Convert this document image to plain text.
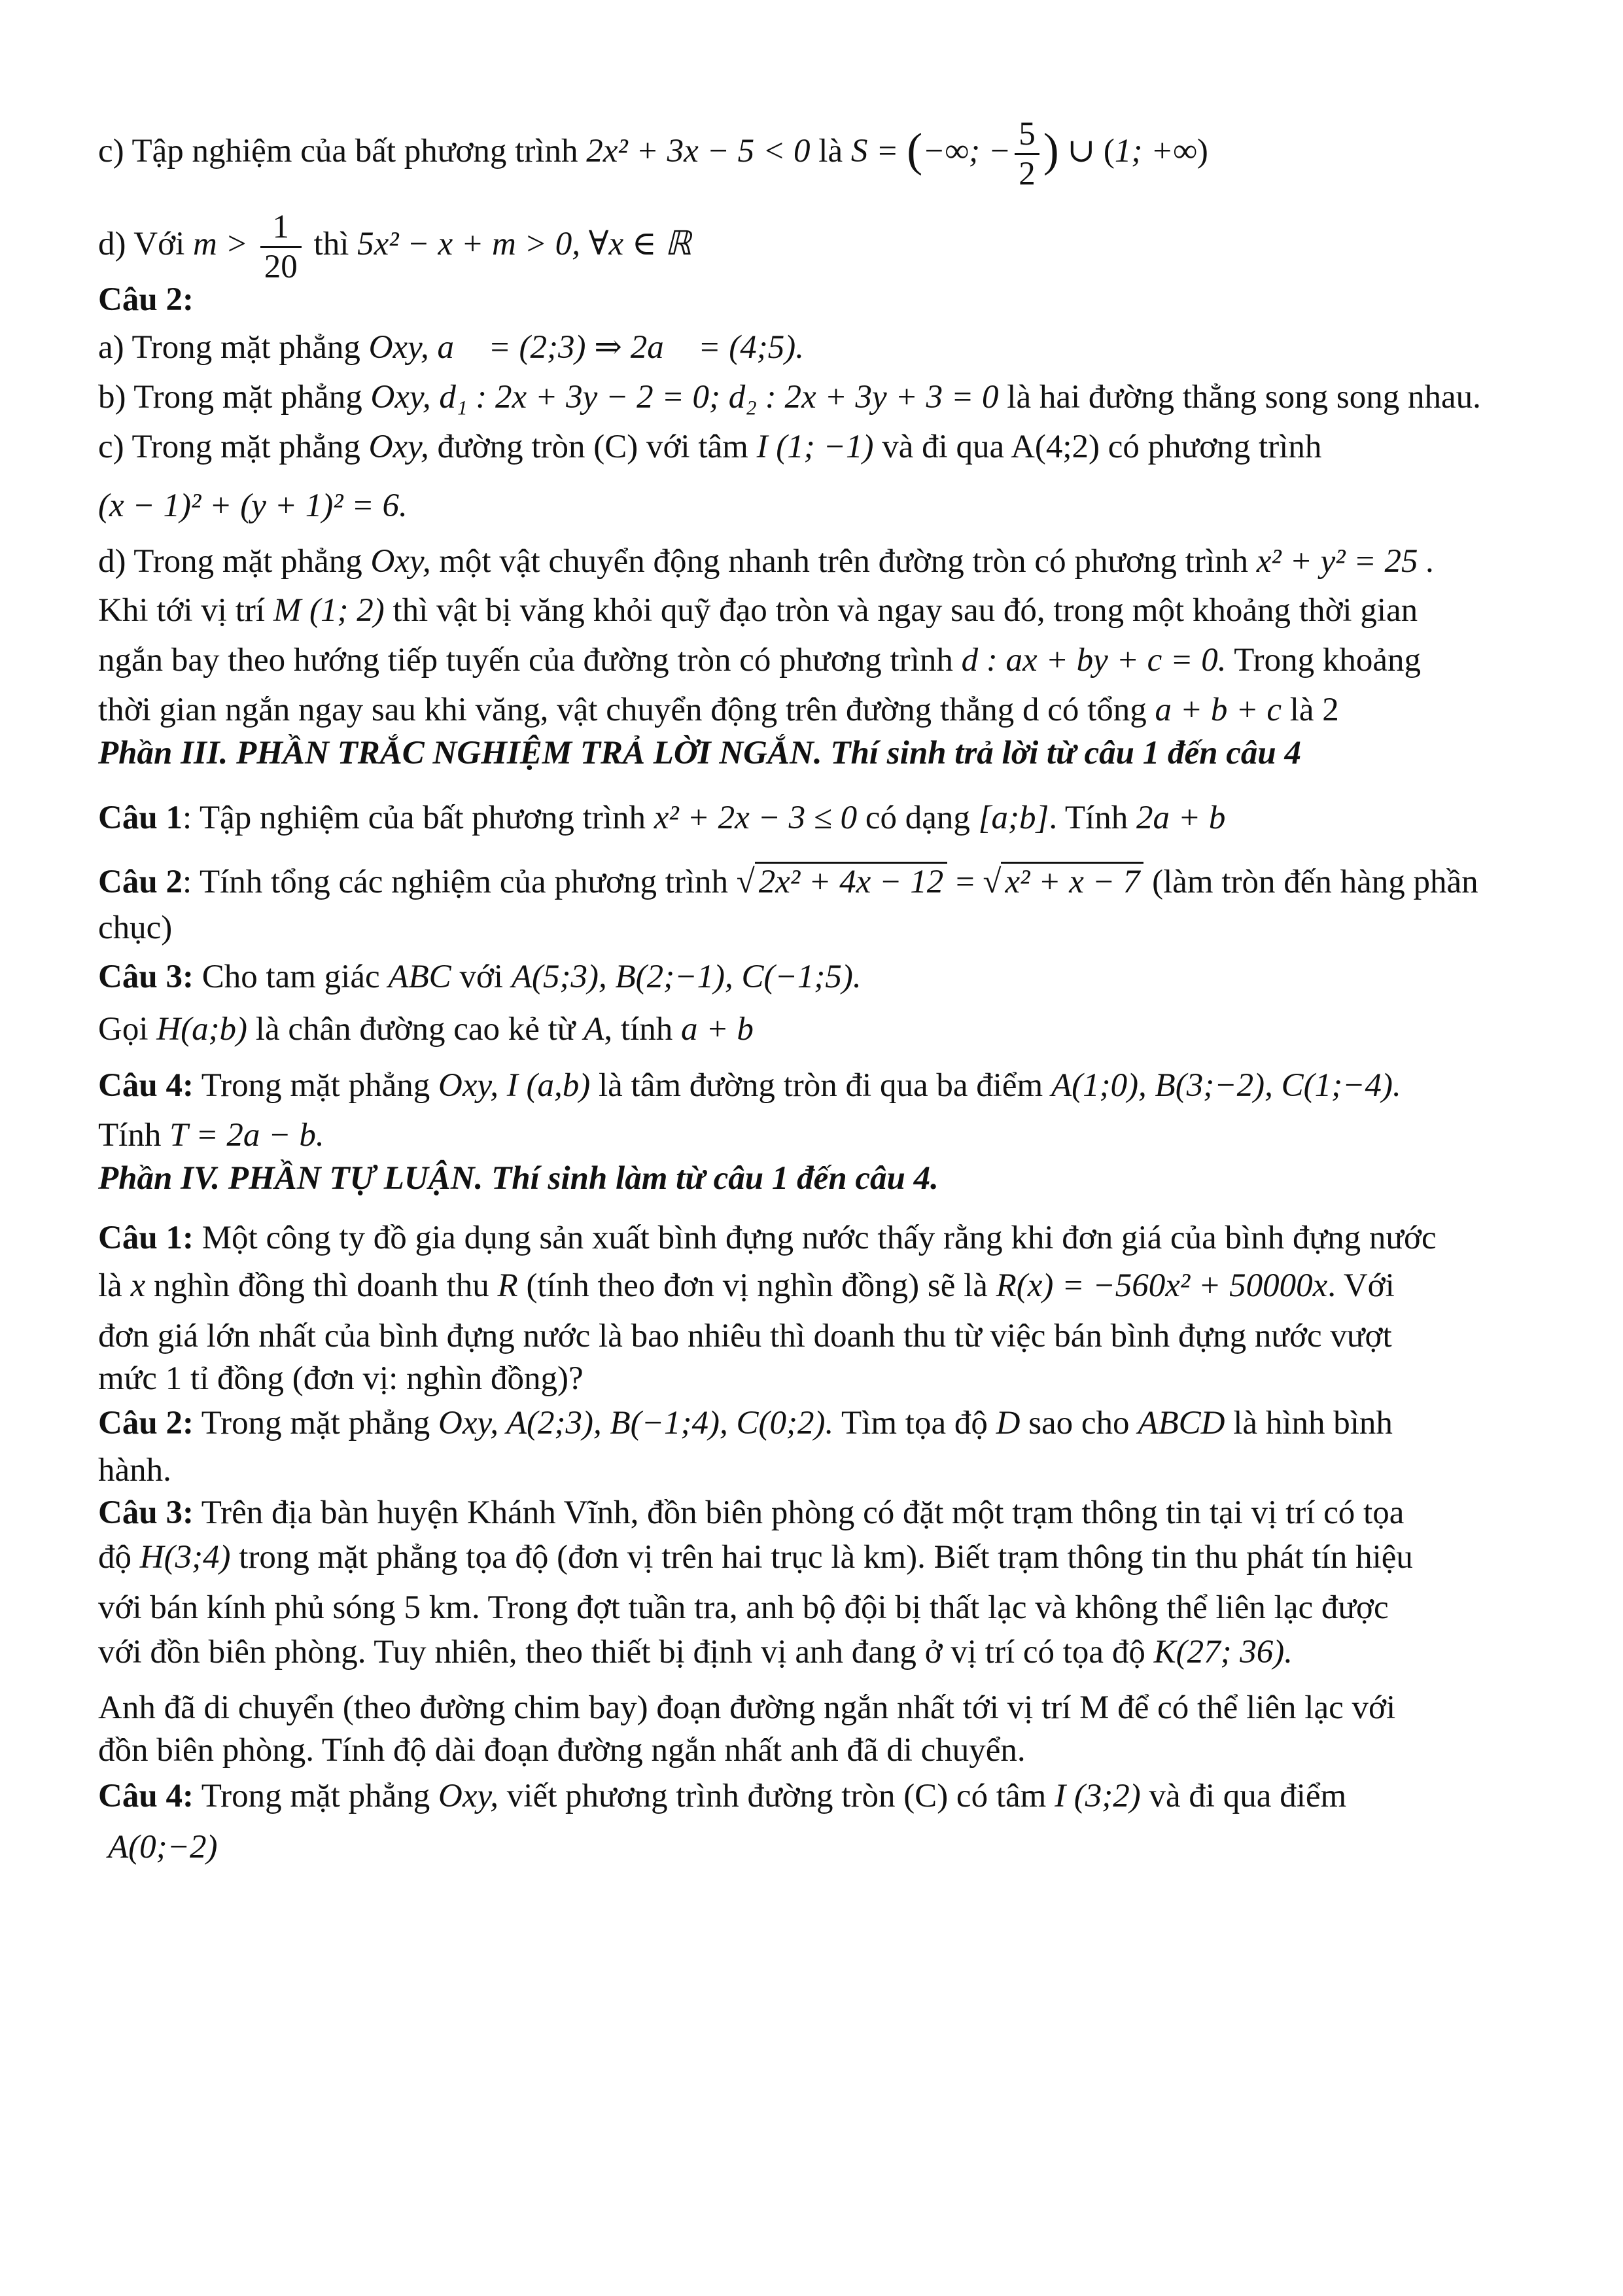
c) Tập nghiệm của bất phương trình 2x² + 3x − 5 < 0 là S = (−∞; − $\frac{5}{2}$ ) ∪ (1; +∞)
d) Với $m > \frac{1}{20}$ thì 5x² − x + m > 0, ∀x ∈ ℝ
Câu 2:
a) Trong mặt phẳng Oxy, a⃗ = (2;3) ⇒ 2a⃗ = (4;5).
b) Trong mặt phẳng Oxy, d₁ : 2x + 3y − 2 = 0; d₂ : 2x + 3y + 3 = 0 là hai đường thẳng song song nhau.
c) Trong mặt phẳng Oxy, đường tròn (C) với tâm I (1; −1) và đi qua A(4;2) có phương trình
(x − 1)² + (y + 1)² = 6.
d) Trong mặt phẳng Oxy, một vật chuyển động nhanh trên đường tròn có phương trình x² + y² = 25 .
Khi tới vị trí M (1; 2) thì vật bị văng khỏi quỹ đạo tròn và ngay sau đó, trong một khoảng thời gian
ngắn bay theo hướng tiếp tuyến của đường tròn có phương trình d : ax + by + c = 0. Trong khoảng
thời gian ngắn ngay sau khi văng, vật chuyển động trên đường thẳng d có tổng a + b + c là 2
Phần III. PHẦN TRẮC NGHIỆM TRẢ LỜI NGẮN. Thí sinh trả lời từ câu 1 đến câu 4
Câu 1: Tập nghiệm của bất phương trình x² + 2x − 3 ≤ 0 có dạng [a;b]. Tính 2a + b
Câu 2: Tính tổng các nghiệm của phương trình √ 2x² + 4x − 12 = √ x² + x − 7 (làm tròn đến hàng phần
chục)
Câu 3: Cho tam giác ABC với A(5;3), B(2;−1), C(−1;5).
Gọi H(a;b) là chân đường cao kẻ từ A, tính a + b
Câu 4: Trong mặt phẳng Oxy, I (a,b) là tâm đường tròn đi qua ba điểm A(1;0), B(3;−2), C(1;−4).
Tính T = 2a − b.
Phần IV. PHẦN TỰ LUẬN. Thí sinh làm từ câu 1 đến câu 4.
Câu 1: Một công ty đồ gia dụng sản xuất bình đựng nước thấy rằng khi đơn giá của bình đựng nước
là x nghìn đồng thì doanh thu R (tính theo đơn vị nghìn đồng) sẽ là R(x) = −560x² + 50000x. Với
đơn giá lớn nhất của bình đựng nước là bao nhiêu thì doanh thu từ việc bán bình đựng nước vượt
mức 1 tỉ đồng (đơn vị: nghìn đồng)?
Câu 2: Trong mặt phẳng Oxy, A(2;3), B(−1;4), C(0;2). Tìm tọa độ D sao cho ABCD là hình bình
hành.
Câu 3: Trên địa bàn huyện Khánh Vĩnh, đồn biên phòng có đặt một trạm thông tin tại vị trí có tọa
độ H(3;4) trong mặt phẳng tọa độ (đơn vị trên hai trục là km). Biết trạm thông tin thu phát tín hiệu
với bán kính phủ sóng 5 km. Trong đợt tuần tra, anh bộ đội bị thất lạc và không thể liên lạc được
với đồn biên phòng. Tuy nhiên, theo thiết bị định vị anh đang ở vị trí có tọa độ K(27; 36).
Anh đã di chuyển (theo đường chim bay) đoạn đường ngắn nhất tới vị trí M để có thể liên lạc với
đồn biên phòng. Tính độ dài đoạn đường ngắn nhất anh đã di chuyển.
Câu 4: Trong mặt phẳng Oxy, viết phương trình đường tròn (C) có tâm I (3;2) và đi qua điểm
A(0;−2)
